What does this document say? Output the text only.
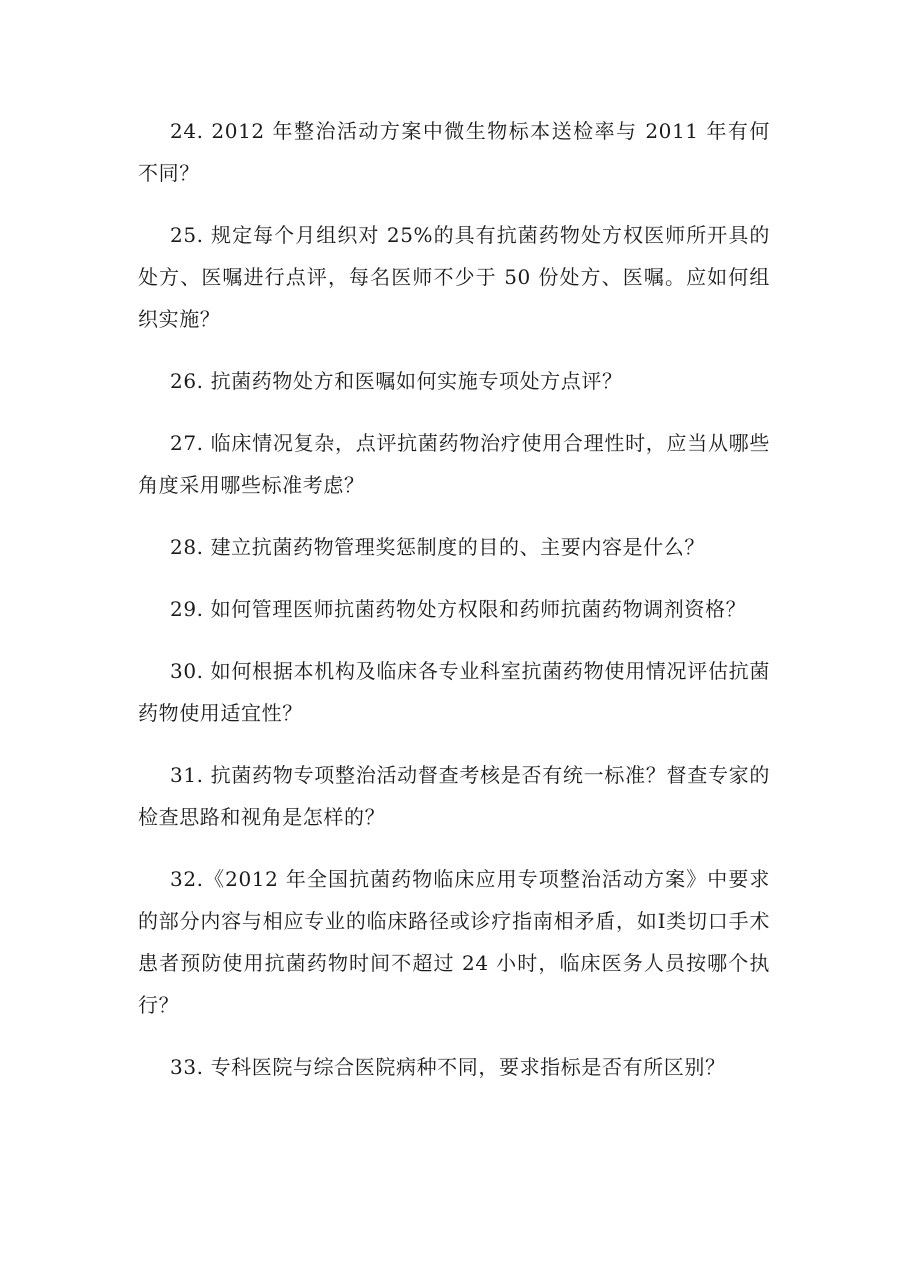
24. 2012 年整治活动方案中微生物标本送检率与 2011 年有何不同？

25. 规定每个月组织对 25%的具有抗菌药物处方权医师所开具的处方、医嘱进行点评，每名医师不少于 50 份处方、医嘱。应如何组织实施？

26. 抗菌药物处方和医嘱如何实施专项处方点评？

27. 临床情况复杂，点评抗菌药物治疗使用合理性时，应当从哪些角度采用哪些标准考虑？

28. 建立抗菌药物管理奖惩制度的目的、主要内容是什么？

29. 如何管理医师抗菌药物处方权限和药师抗菌药物调剂资格？

30. 如何根据本机构及临床各专业科室抗菌药物使用情况评估抗菌药物使用适宜性？

31. 抗菌药物专项整治活动督查考核是否有统一标准？督查专家的检查思路和视角是怎样的？

32.《2012 年全国抗菌药物临床应用专项整治活动方案》中要求的部分内容与相应专业的临床路径或诊疗指南相矛盾，如Ⅰ类切口手术患者预防使用抗菌药物时间不超过 24 小时，临床医务人员按哪个执行？

33. 专科医院与综合医院病种不同，要求指标是否有所区别？
